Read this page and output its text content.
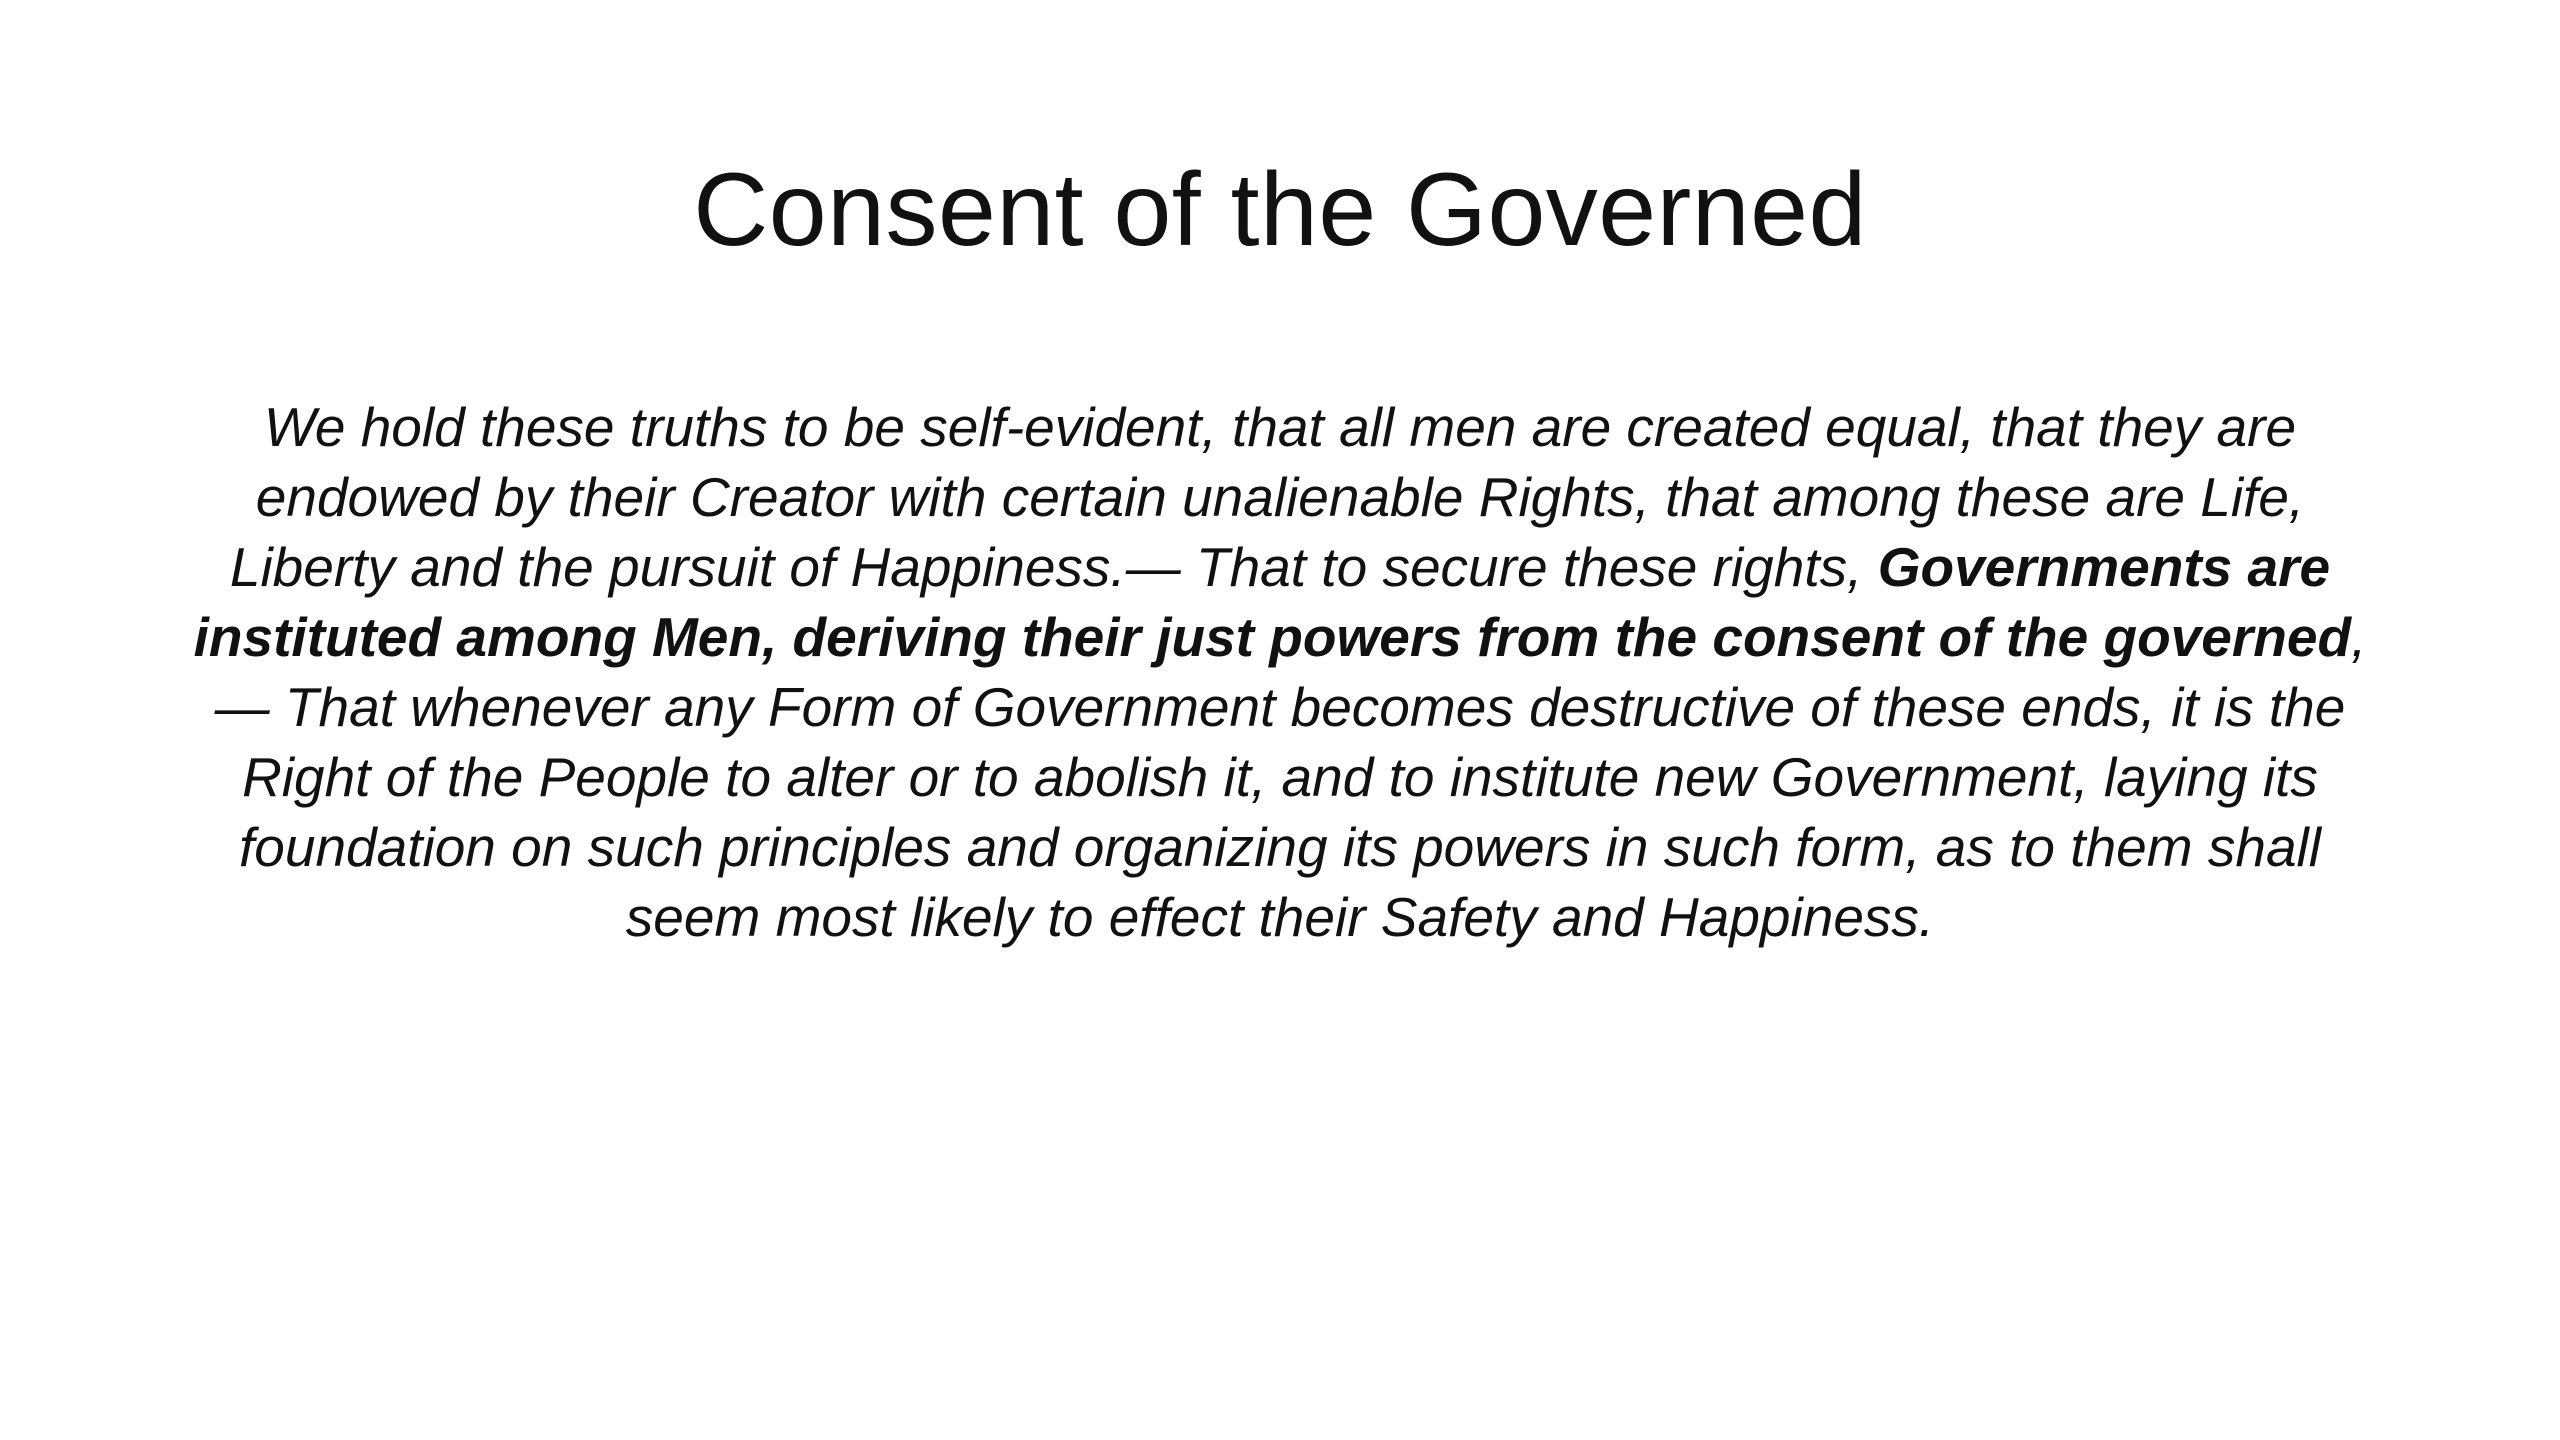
Consent of the Governed

We hold these truths to be self-evident, that all men are created equal, that they are endowed by their Creator with certain unalienable Rights, that among these are Life, Liberty and the pursuit of Happiness.— That to secure these rights, Governments are instituted among Men, deriving their just powers from the consent of the governed, — That whenever any Form of Government becomes destructive of these ends, it is the Right of the People to alter or to abolish it, and to institute new Government, laying its foundation on such principles and organizing its powers in such form, as to them shall seem most likely to effect their Safety and Happiness.
